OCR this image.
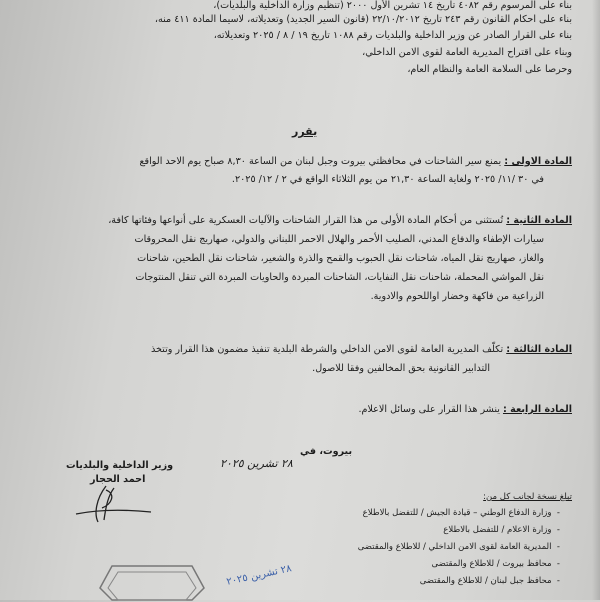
بناء على المرسوم رقم ٤٠٨٢ تاريخ ١٤ تشرين الأول ٢٠٠٠ (تنظيم وزارة الداخلية والبلديات)،
بناء على احكام القانون رقم ٢٤٣ تاريخ ٢٢/١٠/٢٠١٢ (قانون السير الجديد) وتعديلاته، لاسيما المادة ٤١١ منه،
بناء على القرار الصادر عن وزير الداخلية والبلديات رقم ١٠٨٨ تاريخ ١٩ / ٨ / ٢٠٢٥ وتعديلاته،
وبناء على اقتراح المديرية العامة لقوى الامن الداخلي،
وحرصا على السلامة العامة والنظام العام،
يقرر
المادة الاولى : يمنع سير الشاحنات في محافظتي بيروت وجبل لبنان من الساعة ٨,٣٠ صباح يوم الاحد الواقع
في ٣٠ /١١/ ٢٠٢٥ ولغاية الساعة ٢١,٣٠ من يوم الثلاثاء الواقع في ٢ / ١٢/ ٢٠٢٥.
المادة الثانية : تُستثنى من أحكام المادة الأولى من هذا القرار الشاحنات والآليات العسكرية على أنواعها وفئاتها كافة،
سيارات الإطفاء والدفاع المدني، الصليب الأحمر والهلال الاحمر اللبناني والدولي، صهاريج نقل المحروقات
والغاز، صهاريج نقل المياه، شاحنات نقل الحبوب والقمح والذرة والشعير، شاحنات نقل الطحين، شاحنات
نقل المواشي المحملة، شاحنات نقل النفايات، الشاحنات المبردة والحاويات المبردة التي تنقل المنتوجات
الزراعية من فاكهة وخضار اواللحوم والادوية.
المادة الثالثة : تكلّف المديرية العامة لقوى الامن الداخلي والشرطة البلدية تنفيذ مضمون هذا القرار وتتخذ
التدابير القانونية بحق المخالفين وفقا للاصول.
المادة الرابعة : ينشر هذا القرار على وسائل الاعلام.
بيروت، في
٢٨ تشرين ٢٠٢٥
وزير الداخلية والبلديات
احمد الحجار
تبلغ نسخة لجانب كل من:
-  وزارة الدفاع الوطني – قيادة الجيش / للتفضل بالاطلاع
-  وزارة الاعلام / للتفضل بالاطلاع
-  المديرية العامة لقوى الامن الداخلي / للاطلاع والمقتضى
-  محافظ بيروت / للاطلاع والمقتضى
-  محافظ جبل لبنان / للاطلاع والمقتضى
٢٨ تشرين ٢٠٢٥
